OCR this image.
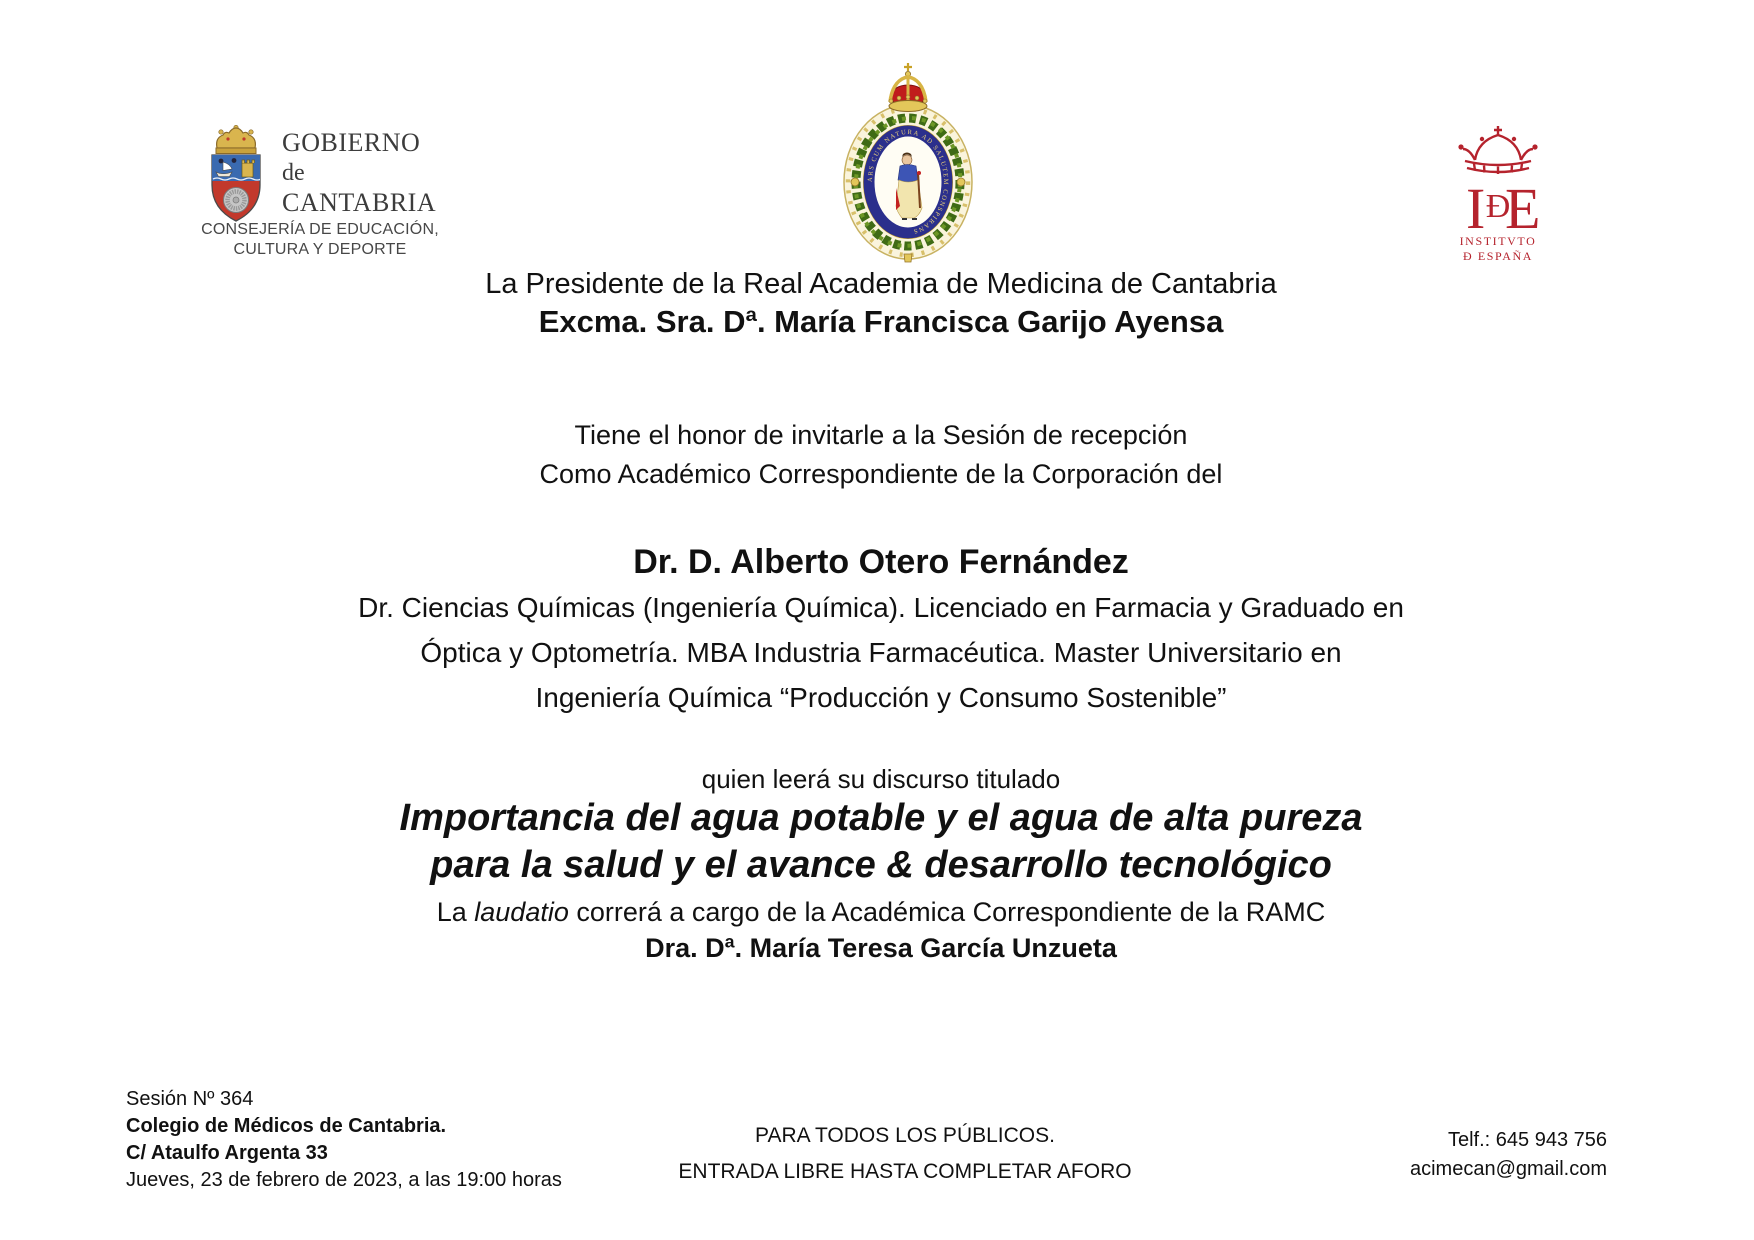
GOBIERNO
de
CANTABRIA
CONSEJERÍA DE EDUCACIÓN,
CULTURA Y DEPORTE
ARS CUM NATURA AD SALUTEM CONSPIRANS	I Ð
E
INSTITVTO
Ð ESPAÑA
La Presidente de la Real Academia de Medicina de Cantabria
Excma. Sra. Dª. María Francisca Garijo Ayensa
Tiene el honor de invitarle a la Sesión de recepción
Como Académico Correspondiente de la Corporación del
Dr. D. Alberto Otero Fernández
Dr. Ciencias Químicas (Ingeniería Química). Licenciado en Farmacia y Graduado en
Óptica y Optometría. MBA Industria Farmacéutica. Master Universitario en
Ingeniería Química “Producción y Consumo Sostenible”
quien leerá su discurso titulado
Importancia del agua potable y el agua de alta pureza
para la salud y el avance & desarrollo tecnológico
La laudatio correrá a cargo de la Académica Correspondiente de la RAMC
Dra. Dª. María Teresa García Unzueta
Sesión Nº 364
Colegio de Médicos de Cantabria.
C/ Ataulfo Argenta 33
Jueves, 23 de febrero de 2023, a las 19:00 horas
PARA TODOS LOS PÚBLICOS.
ENTRADA LIBRE HASTA COMPLETAR AFORO
Telf.: 645 943 756
acimecan@gmail.com
